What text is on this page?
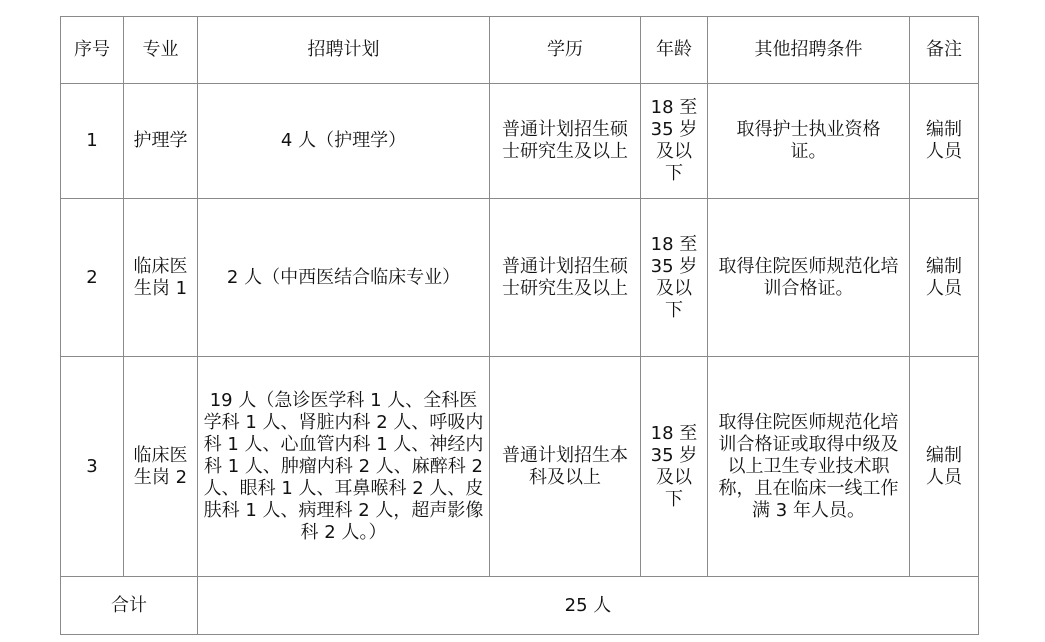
序号	专业	招聘计划	学历	年龄	其他招聘条件	备注
1	护理学	4 人（护理学）	普通计划招生硕士研究生及以上	18 至 35 岁及以下	取得护士执业资格证。	编制人员
2	临床医生岗 1	2 人（中西医结合临床专业）	普通计划招生硕士研究生及以上	18 至 35 岁及以下	取得住院医师规范化培训合格证。	编制人员
3	临床医生岗 2	19 人（急诊医学科 1 人、全科医学科 1 人、肾脏内科 2 人、呼吸内科 1 人、心血管内科 1 人、神经内科 1 人、肿瘤内科 2 人、麻醉科 2 人、眼科 1 人、耳鼻喉科 2 人、皮肤科 1 人、病理科 2 人，超声影像科 2 人。）	普通计划招生本科及以上	18 至 35 岁及以下	取得住院医师规范化培训合格证或取得中级及以上卫生专业技术职称，且在临床一线工作满 3 年人员。	编制人员
合计		25 人				
